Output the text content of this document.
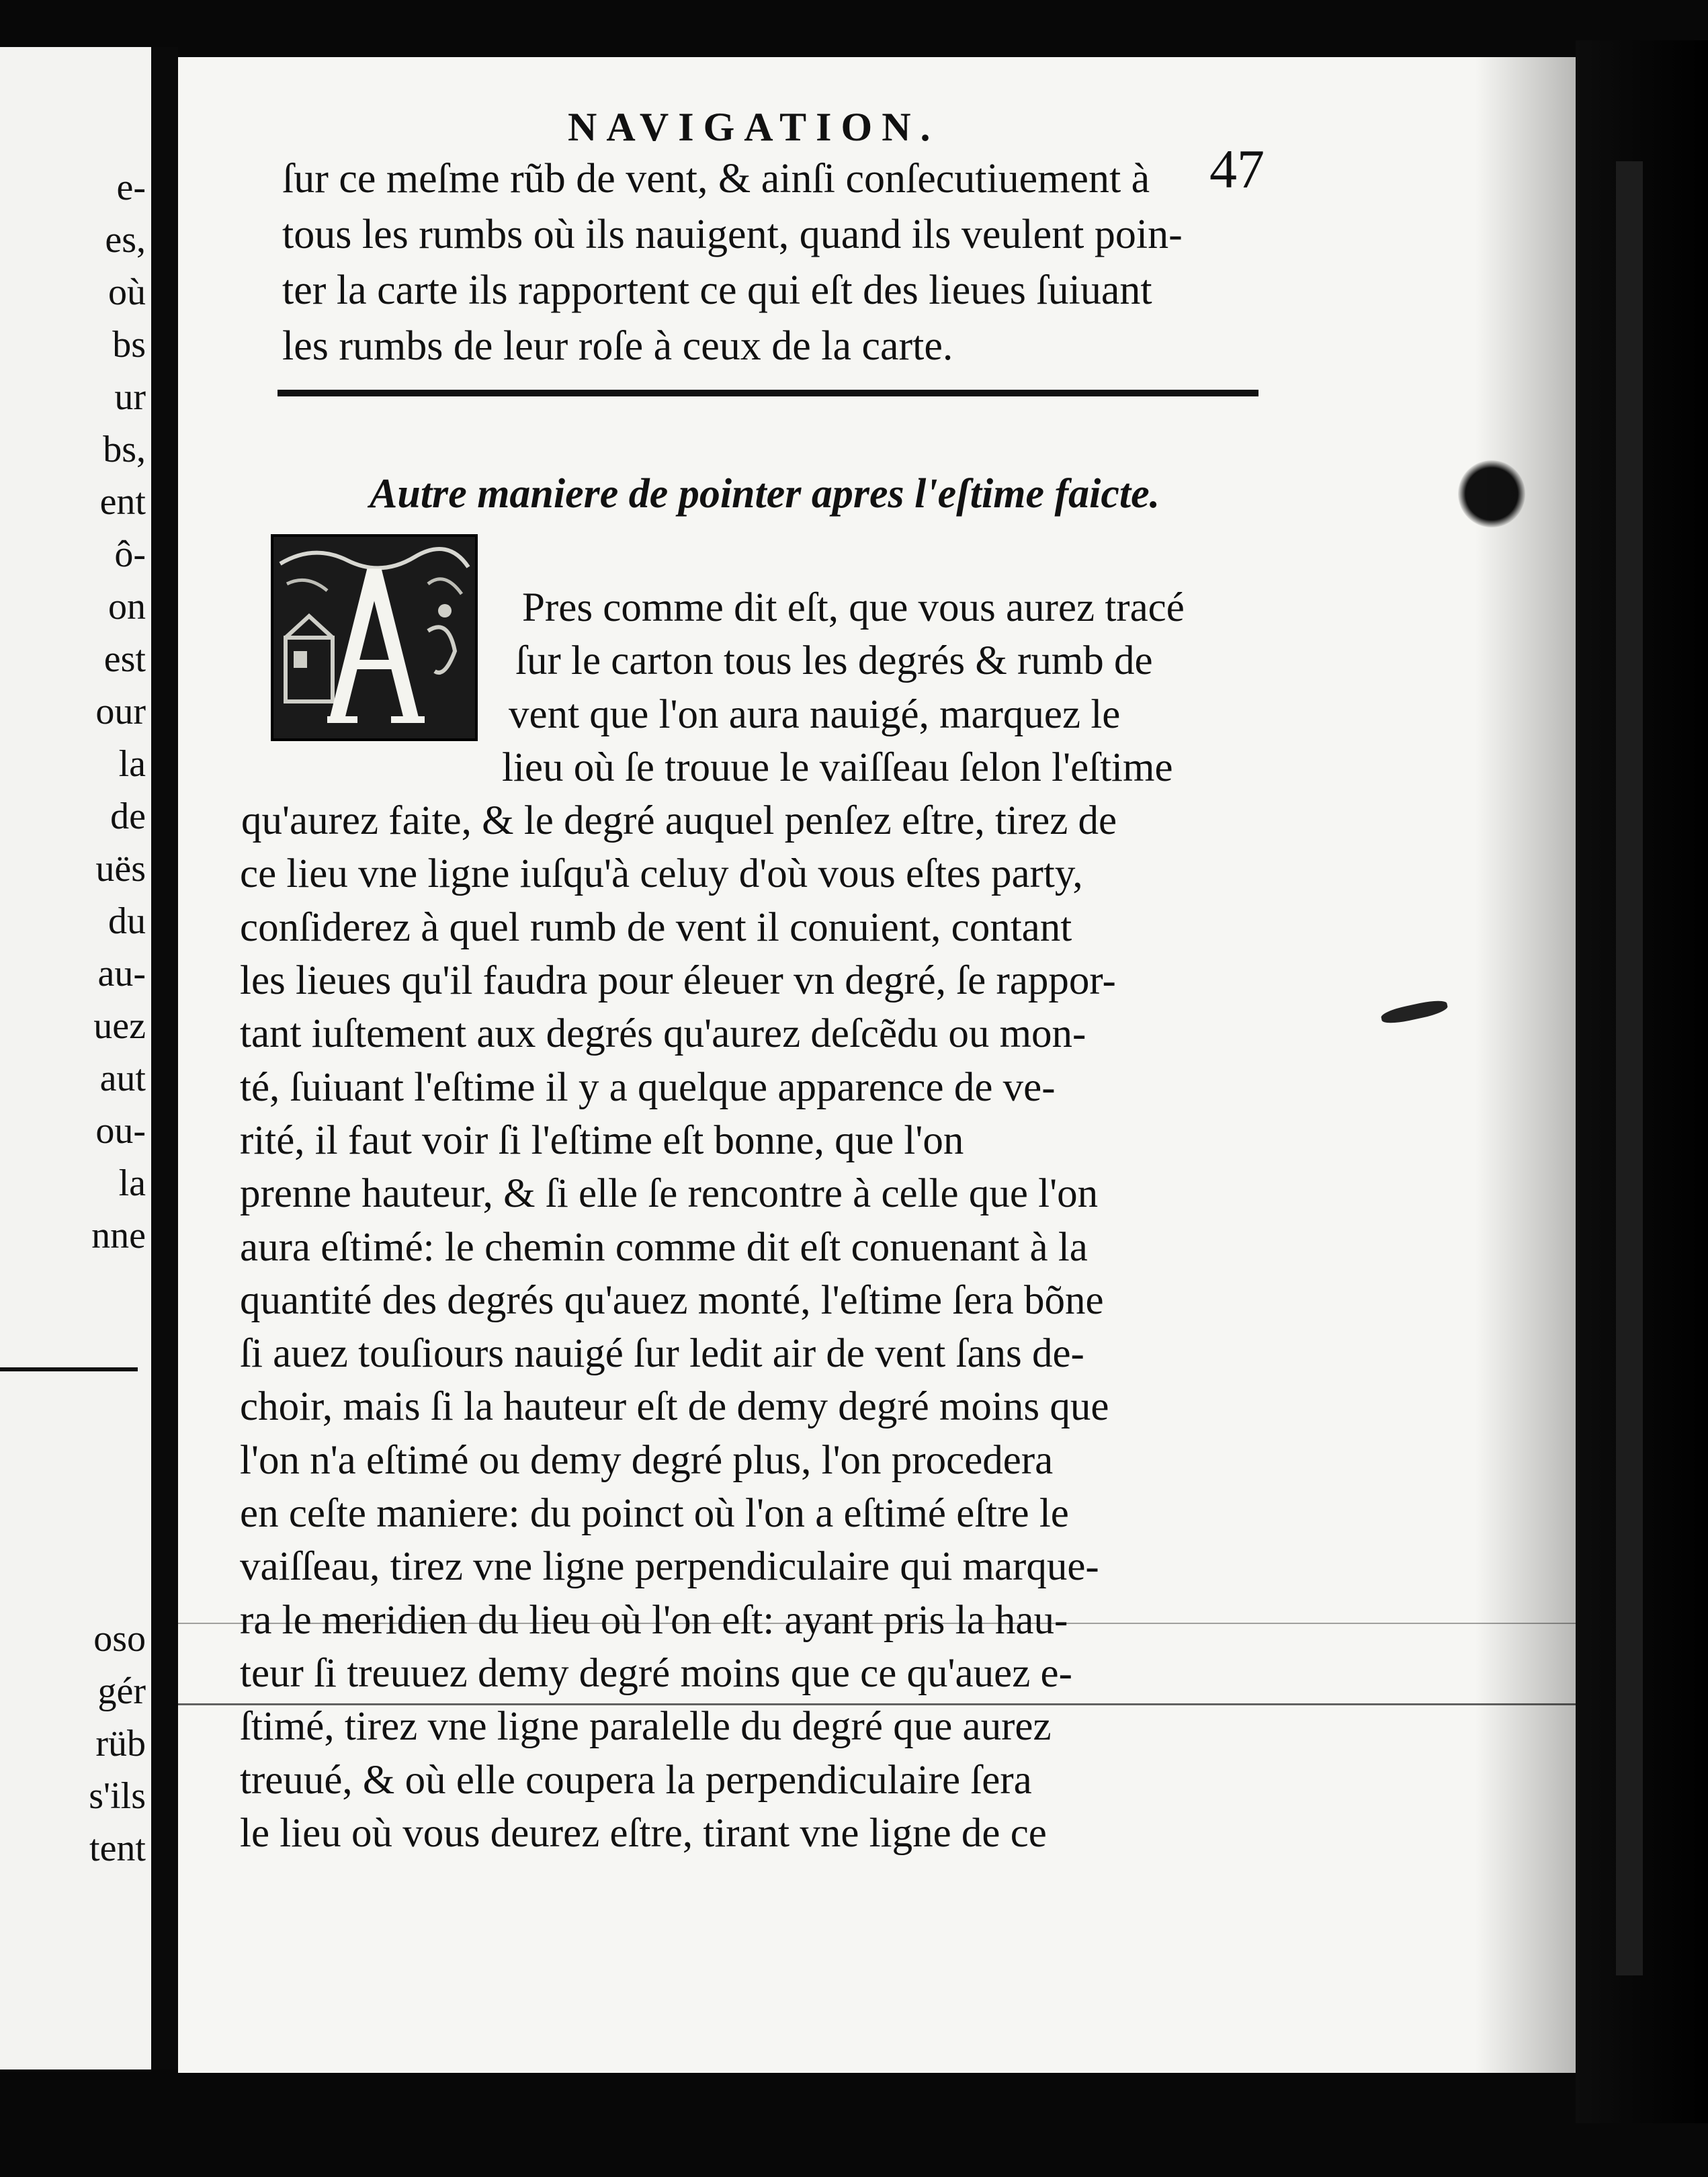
e-
es,
où
bs
ur
bs,
ent
ô-
on
est
our
la
de
uës
du
au-
uez
aut
ou-
la
nne
oso
gér
rüb
s'ils
tent
NAVIGATION.
47
ſur ce meſme rũb de vent, & ainſi conſecutiuement à
tous les rumbs où ils nauigent, quand ils veulent poin-
ter la carte ils rapportent ce qui eſt des lieues ſuiuant
les rumbs de leur roſe à ceux de la carte.
Autre maniere de pointer apres l'eſtime faicte.
Pres comme dit eſt, que vous aurez tracé
ſur le carton tous les degrés & rumb de
vent que l'on aura nauigé, marquez le
lieu où ſe trouue le vaiſſeau ſelon l'eſtime
qu'aurez faite, & le degré auquel penſez eſtre, tirez de
ce lieu vne ligne iuſqu'à celuy d'où vous eſtes party,
conſiderez à quel rumb de vent il conuient, contant
les lieues qu'il faudra pour éleuer vn degré, ſe rappor-
tant iuſtement aux degrés qu'aurez deſcẽdu ou mon-
té, ſuiuant l'eſtime il y a quelque apparence de ve-
rité, il faut voir ſi l'eſtime eſt bonne, que l'on
prenne hauteur, & ſi elle ſe rencontre à celle que l'on
aura eſtimé: le chemin comme dit eſt conuenant à la
quantité des degrés qu'auez monté, l'eſtime ſera bõne
ſi auez touſiours nauigé ſur ledit air de vent ſans de-
choir, mais ſi la hauteur eſt de demy degré moins que
l'on n'a eſtimé ou demy degré plus, l'on procedera
en ceſte maniere: du poinct où l'on a eſtimé eſtre le
vaiſſeau, tirez vne ligne perpendiculaire qui marque-
ra le meridien du lieu où l'on eſt: ayant pris la hau-
teur ſi treuuez demy degré moins que ce qu'auez e-
ſtimé, tirez vne ligne paralelle du degré que aurez
treuué, & où elle coupera la perpendiculaire ſera
le lieu où vous deurez eſtre, tirant vne ligne de ce
